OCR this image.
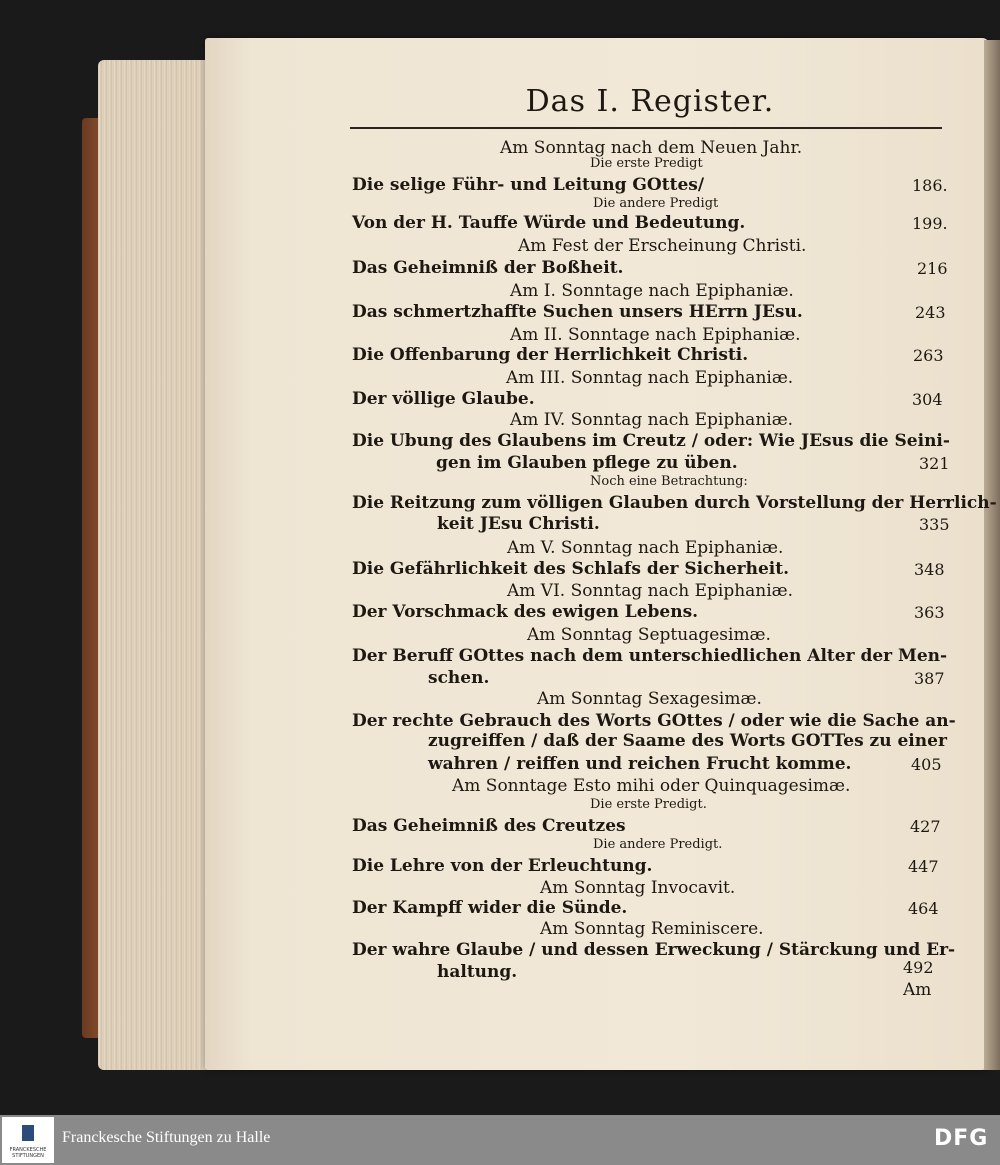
Das I. Register.
Am Sonntag nach dem Neuen Jahr.
Die erste Predigt
Die selige Führ- und Leitung GOttes/	186.
Die andere Predigt
Von der H. Tauffe Würde und Bedeutung.	199.
Am Fest der Erscheinung Christi.
Das Geheimniß der Boßheit.	216
Am I. Sonntage nach Epiphaniæ.
Das schmertzhaffte Suchen unsers HErrn JEsu.	243
Am II. Sonntage nach Epiphaniæ.
Die Offenbarung der Herrlichkeit Christi.	263
Am III. Sonntag nach Epiphaniæ.
Der völlige Glaube.	304
Am IV. Sonntag nach Epiphaniæ.
Die Ubung des Glaubens im Creutz / oder: Wie JEsus die Seini-
gen im Glauben pflege zu üben.	321
Noch eine Betrachtung:
Die Reitzung zum völligen Glauben durch Vorstellung der Herrlich-
keit JEsu Christi.	335
Am V. Sonntag nach Epiphaniæ.
Die Gefährlichkeit des Schlafs der Sicherheit.	348
Am VI. Sonntag nach Epiphaniæ.
Der Vorschmack des ewigen Lebens.	363
Am Sonntag Septuagesimæ.
Der Beruff GOttes nach dem unterschiedlichen Alter der Men-
schen.	387
Am Sonntag Sexagesimæ.
Der rechte Gebrauch des Worts GOttes / oder wie die Sache an-
zugreiffen / daß der Saame des Worts GOTTes zu einer
wahren / reiffen und reichen Frucht komme.	405
Am Sonntage Esto mihi oder Quinquagesimæ.
Die erste Predigt.
Das Geheimniß des Creutzes	427
Die andere Predigt.
Die Lehre von der Erleuchtung.	447
Am Sonntag Invocavit.
Der Kampff wider die Sünde.	464
Am Sonntag Reminiscere.
Der wahre Glaube / und dessen Erweckung / Stärckung und Er-
haltung.	492
Am
FRANCKESCHE STIFTUNGEN
Franckesche Stiftungen zu Halle	DFG
